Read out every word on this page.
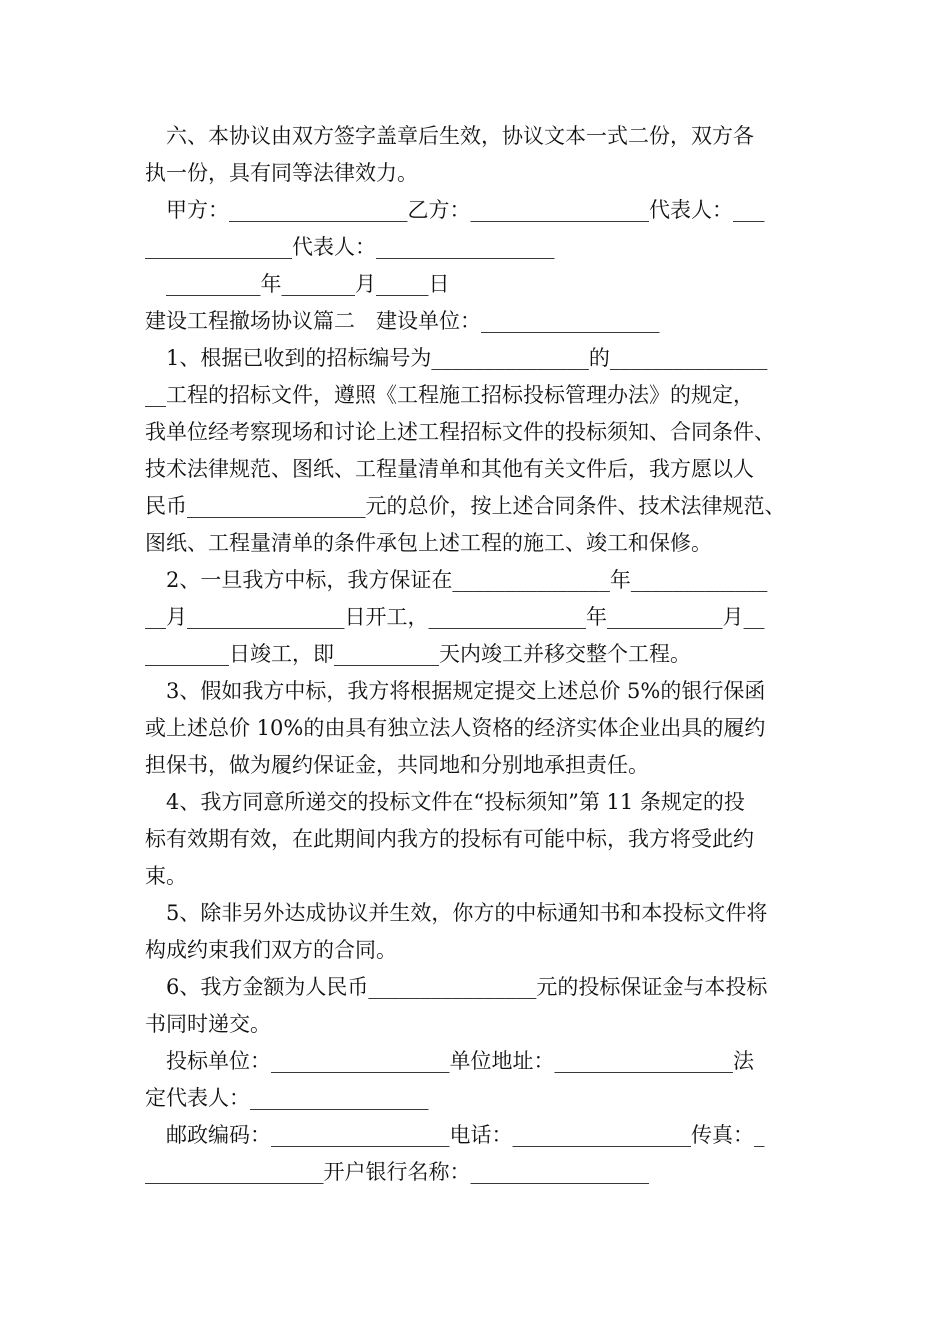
　六、本协议由双方签字盖章后生效，协议文本一式二份，双方各
执一份，具有同等法律效力。
　甲方：_________________乙方：_________________代表人：___
______________代表人：_________________
　_________年_______月_____日
建设工程撤场协议篇二　建设单位：_________________
　1、根据已收到的招标编号为_______________的_______________
__工程的招标文件，遵照《工程施工招标投标管理办法》的规定，
我单位经考察现场和讨论上述工程招标文件的投标须知、合同条件、
技术法律规范、图纸、工程量清单和其他有关文件后，我方愿以人
民币_________________元的总价，按上述合同条件、技术法律规范、
图纸、工程量清单的条件承包上述工程的施工、竣工和保修。
　2、一旦我方中标，我方保证在_______________年_____________
__月_______________日开工，_______________年___________月__
________日竣工，即__________天内竣工并移交整个工程。
　3、假如我方中标，我方将根据规定提交上述总价 5%的银行保函
或上述总价 10%的由具有独立法人资格的经济实体企业出具的履约
担保书，做为履约保证金，共同地和分别地承担责任。
　4、我方同意所递交的投标文件在“投标须知”第 11 条规定的投
标有效期有效，在此期间内我方的投标有可能中标，我方将受此约
束。
　5、除非另外达成协议并生效，你方的中标通知书和本投标文件将
构成约束我们双方的合同。
　6、我方金额为人民币________________元的投标保证金与本投标
书同时递交。
　投标单位：_________________单位地址：_________________法
定代表人：_________________
　邮政编码：_________________电话：_________________传真：_
_________________开户银行名称：_________________
